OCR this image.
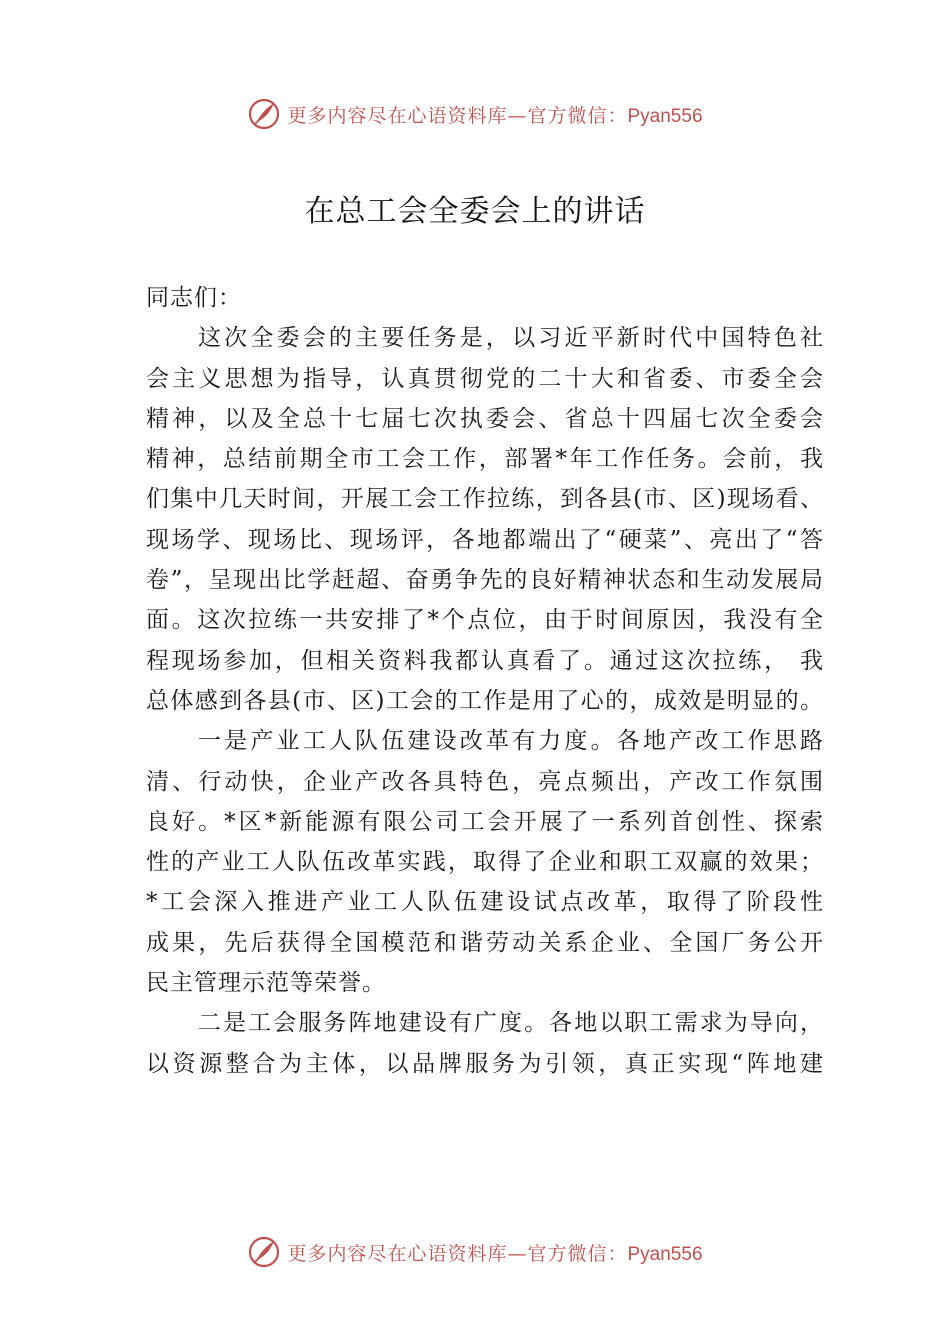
更多内容尽在心语资料库—官方微信：Pyan556
在总工会全委会上的讲话
同志们：
这次全委会的主要任务是，以习近平新时代中国特色社
会主义思想为指导，认真贯彻党的二十大和省委、市委全会
精神，以及全总十七届七次执委会、省总十四届七次全委会
精神，总结前期全市工会工作，部署*年工作任务。会前，我
们集中几天时间，开展工会工作拉练，到各县(市、区)现场看、
现场学、现场比、现场评，各地都端出了“硬菜”、亮出了“答
卷”，呈现出比学赶超、奋勇争先的良好精神状态和生动发展局
面。这次拉练一共安排了*个点位，由于时间原因，我没有全
程现场参加，但相关资料我都认真看了。通过这次拉练， 我
总体感到各县(市、区)工会的工作是用了心的，成效是明显的。
一是产业工人队伍建设改革有力度。各地产改工作思路
清、行动快，企业产改各具特色，亮点频出，产改工作氛围
良好。*区*新能源有限公司工会开展了一系列首创性、探索
性的产业工人队伍改革实践，取得了企业和职工双赢的效果；
*工会深入推进产业工人队伍建设试点改革，取得了阶段性
成果，先后获得全国模范和谐劳动关系企业、全国厂务公开
民主管理示范等荣誉。
二是工会服务阵地建设有广度。各地以职工需求为导向，
以资源整合为主体，以品牌服务为引领，真正实现“阵地建
更多内容尽在心语资料库—官方微信：Pyan556
